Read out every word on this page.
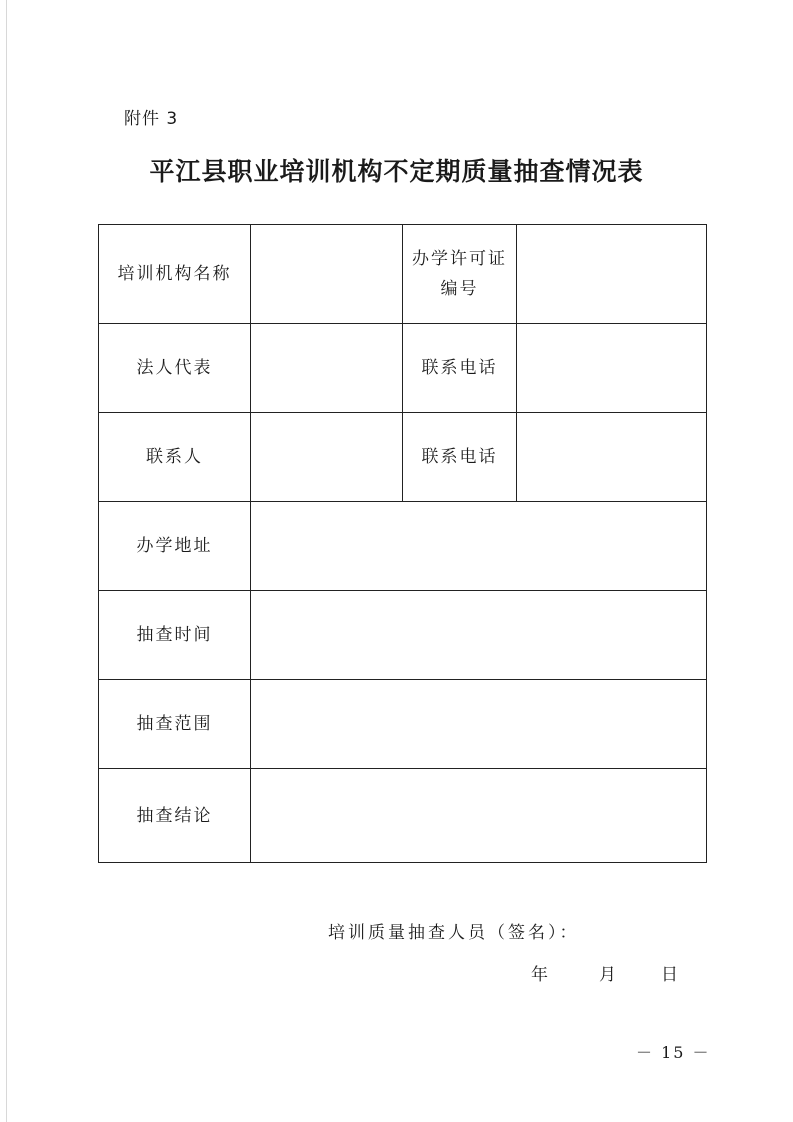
附件 3
平江县职业培训机构不定期质量抽查情况表
培训机构名称		办学许可证
编号	

法人代表		联系电话	
联系人		联系电话	
办学地址			
抽查时间			
抽查范围			
抽查结论			
培训质量抽查人员（签名）：
年	月	日
－ 15 －
